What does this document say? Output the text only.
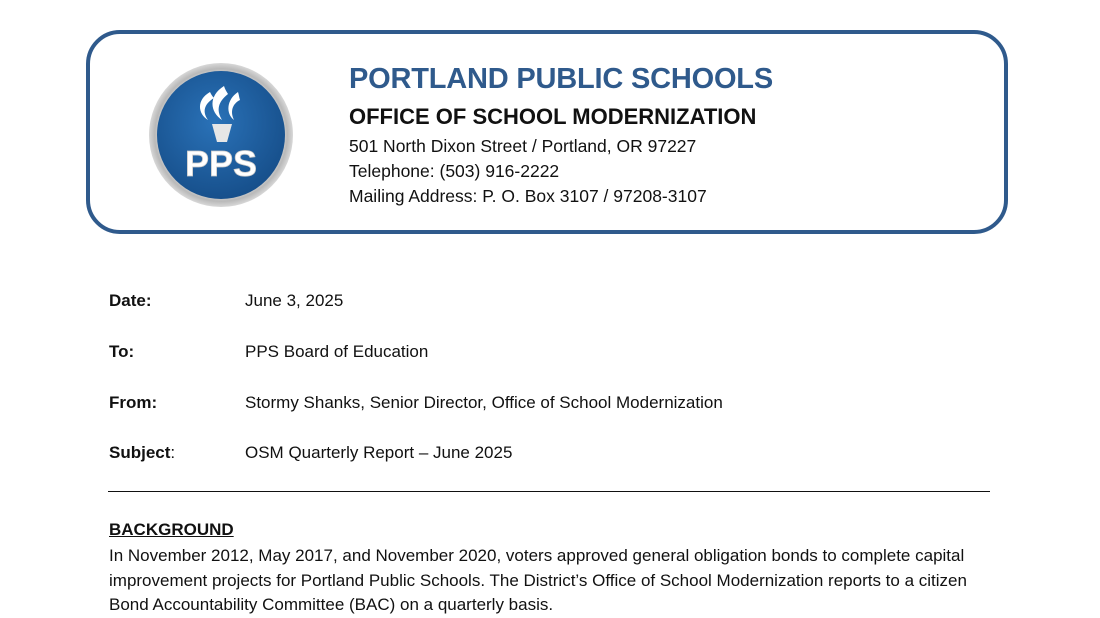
PPS
PORTLAND PUBLIC SCHOOLS
OFFICE OF SCHOOL MODERNIZATION
501 North Dixon Street / Portland, OR 97227
Telephone: (503) 916-2222
Mailing Address: P. O. Box 3107 / 97208-3107
Date:	June 3, 2025
To:	PPS Board of Education
From:	Stormy Shanks, Senior Director, Office of School Modernization
Subject:	OSM Quarterly Report – June 2025
BACKGROUND
In November 2012, May 2017, and November 2020, voters approved general obligation bonds to complete capital improvement projects for Portland Public Schools. The District’s Office of School Modernization reports to a citizen Bond Accountability Committee (BAC) on a quarterly basis.
